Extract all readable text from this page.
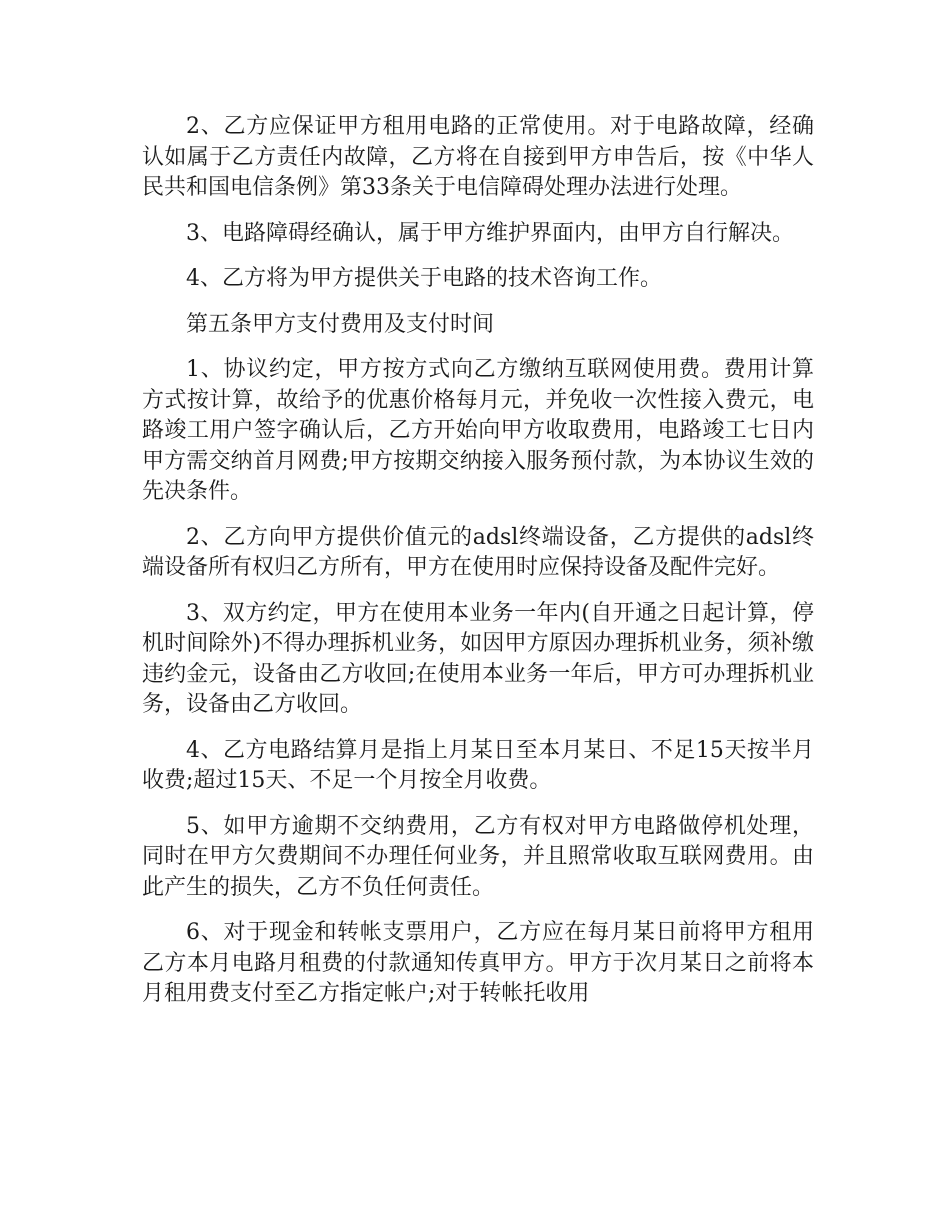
2、乙方应保证甲方租用电路的正常使用。对于电路故障，经确认如属于乙方责任内故障，乙方将在自接到甲方申告后，按《中华人民共和国电信条例》第33条关于电信障碍处理办法进行处理。

3、电路障碍经确认，属于甲方维护界面内，由甲方自行解决。

4、乙方将为甲方提供关于电路的技术咨询工作。

第五条甲方支付费用及支付时间

1、协议约定，甲方按方式向乙方缴纳互联网使用费。费用计算方式按计算，故给予的优惠价格每月元，并免收一次性接入费元，电路竣工用户签字确认后，乙方开始向甲方收取费用，电路竣工七日内甲方需交纳首月网费;甲方按期交纳接入服务预付款，为本协议生效的先决条件。

2、乙方向甲方提供价值元的adsl终端设备，乙方提供的adsl终端设备所有权归乙方所有，甲方在使用时应保持设备及配件完好。

3、双方约定，甲方在使用本业务一年内(自开通之日起计算，停机时间除外)不得办理拆机业务，如因甲方原因办理拆机业务，须补缴违约金元，设备由乙方收回;在使用本业务一年后，甲方可办理拆机业务，设备由乙方收回。

4、乙方电路结算月是指上月某日至本月某日、不足15天按半月收费;超过15天、不足一个月按全月收费。

5、如甲方逾期不交纳费用，乙方有权对甲方电路做停机处理，同时在甲方欠费期间不办理任何业务，并且照常收取互联网费用。由此产生的损失，乙方不负任何责任。

6、对于现金和转帐支票用户，乙方应在每月某日前将甲方租用乙方本月电路月租费的付款通知传真甲方。甲方于次月某日之前将本月租用费支付至乙方指定帐户;对于转帐托收用
